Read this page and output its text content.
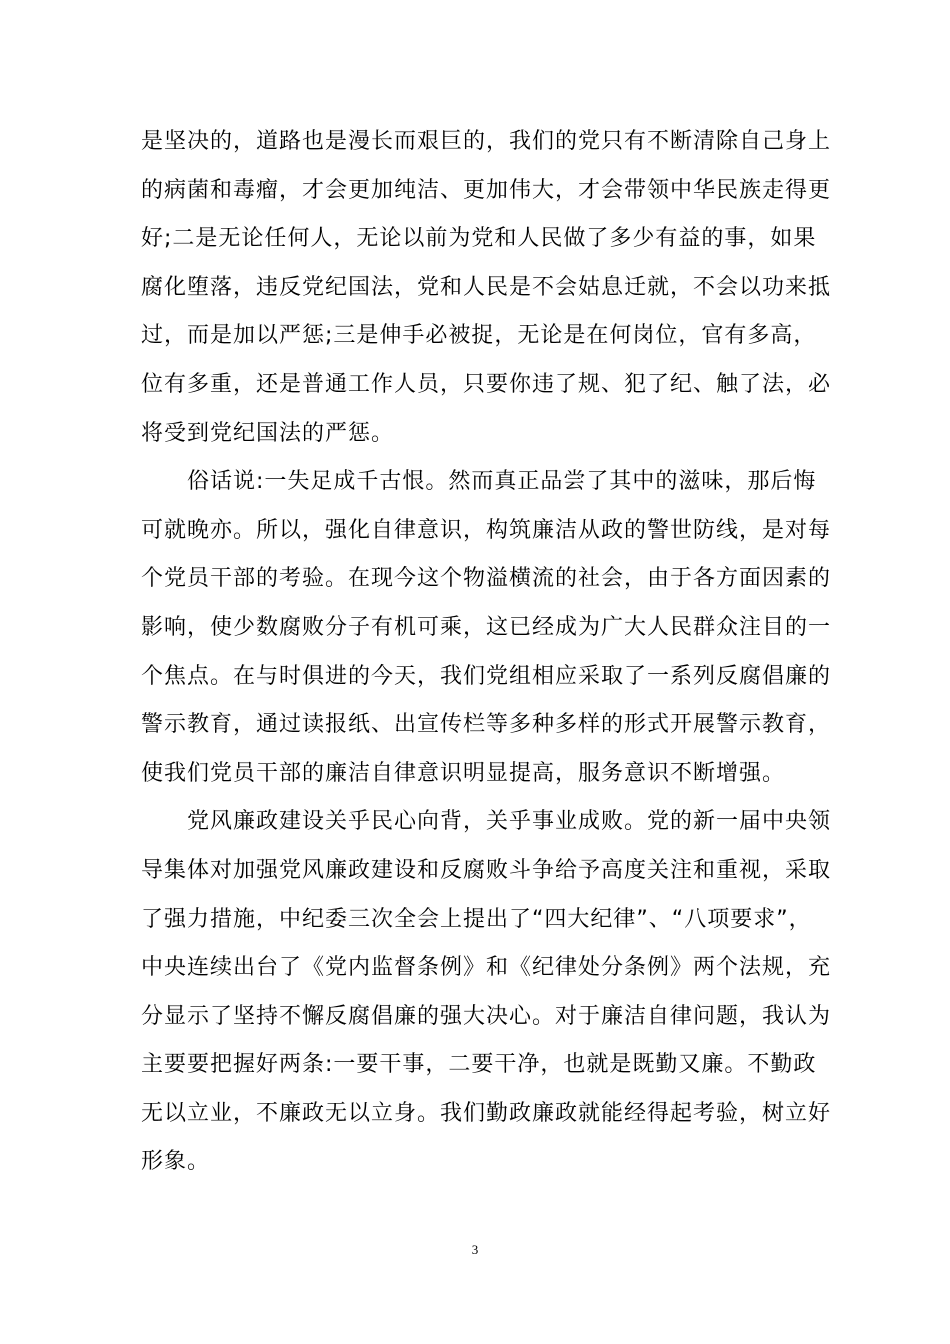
是坚决的，道路也是漫长而艰巨的，我们的党只有不断清除自己身上
的病菌和毒瘤，才会更加纯洁、更加伟大，才会带领中华民族走得更
好;二是无论任何人，无论以前为党和人民做了多少有益的事，如果
腐化堕落，违反党纪国法，党和人民是不会姑息迁就，不会以功来抵
过，而是加以严惩;三是伸手必被捉，无论是在何岗位，官有多高，
位有多重，还是普通工作人员，只要你违了规、犯了纪、触了法，必
将受到党纪国法的严惩。

　　俗话说:一失足成千古恨。然而真正品尝了其中的滋味，那后悔
可就晚亦。所以，强化自律意识，构筑廉洁从政的警世防线，是对每
个党员干部的考验。在现今这个物溢横流的社会，由于各方面因素的
影响，使少数腐败分子有机可乘，这已经成为广大人民群众注目的一
个焦点。在与时俱进的今天，我们党组相应采取了一系列反腐倡廉的
警示教育，通过读报纸、出宣传栏等多种多样的形式开展警示教育，
使我们党员干部的廉洁自律意识明显提高，服务意识不断增强。

　　党风廉政建设关乎民心向背，关乎事业成败。党的新一届中央领
导集体对加强党风廉政建设和反腐败斗争给予高度关注和重视，采取
了强力措施，中纪委三次全会上提出了“四大纪律”、“八项要求”，
中央连续出台了《党内监督条例》和《纪律处分条例》两个法规，充
分显示了坚持不懈反腐倡廉的强大决心。对于廉洁自律问题，我认为
主要要把握好两条:一要干事，二要干净，也就是既勤又廉。不勤政
无以立业，不廉政无以立身。我们勤政廉政就能经得起考验，树立好
形象。

3
